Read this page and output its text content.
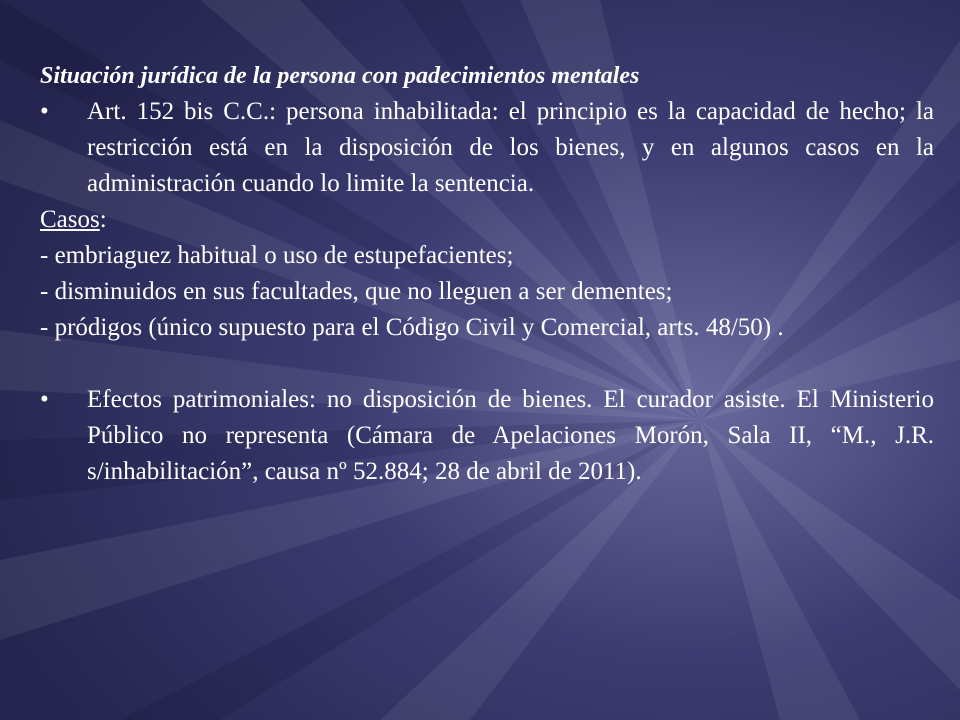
Situación jurídica de la persona con padecimientos mentales

• Art. 152 bis C.C.: persona inhabilitada: el principio es la capacidad de hecho; la restricción está en la disposición de los bienes, y en algunos casos en la administración cuando lo limite la sentencia.

Casos:

- embriaguez habitual o uso de estupefacientes;

- disminuidos en sus facultades, que no lleguen a ser dementes;

- pródigos (único supuesto para el Código Civil y Comercial, arts. 48/50) .

• Efectos patrimoniales: no disposición de bienes. El curador asiste. El Ministerio Público no representa (Cámara de Apelaciones Morón, Sala II, “M., J.R. s/inhabilitación”, causa nº 52.884; 28 de abril de 2011).
